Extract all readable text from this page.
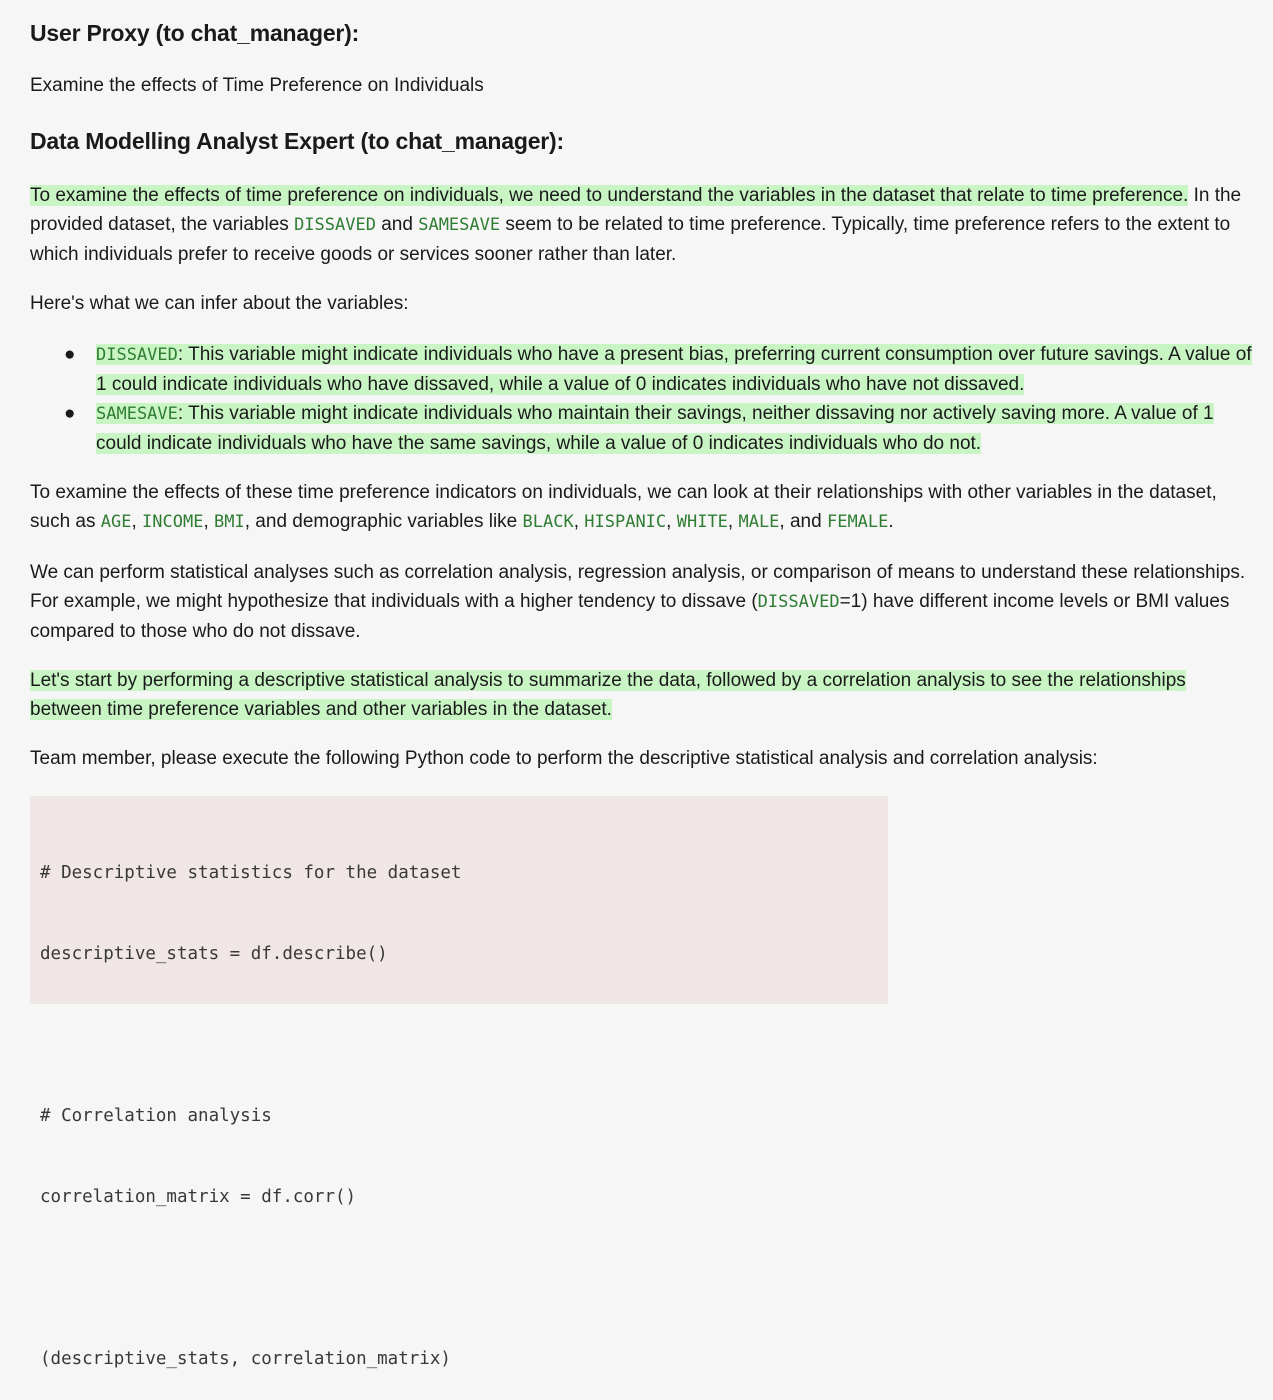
User Proxy (to chat_manager):

Examine the effects of Time Preference on Individuals

Data Modelling Analyst Expert (to chat_manager):

To examine the effects of time preference on individuals, we need to understand the variables in the dataset that relate to time preference. In the provided dataset, the variables DISSAVED and SAMESAVE seem to be related to time preference. Typically, time preference refers to the extent to which individuals prefer to receive goods or services sooner rather than later.

Here's what we can infer about the variables:

● DISSAVED: This variable might indicate individuals who have a present bias, preferring current consumption over future savings. A value of 1 could indicate individuals who have dissaved, while a value of 0 indicates individuals who have not dissaved.
● SAMESAVE: This variable might indicate individuals who maintain their savings, neither dissaving nor actively saving more. A value of 1 could indicate individuals who have the same savings, while a value of 0 indicates individuals who do not.

To examine the effects of these time preference indicators on individuals, we can look at their relationships with other variables in the dataset, such as AGE, INCOME, BMI, and demographic variables like BLACK, HISPANIC, WHITE, MALE, and FEMALE.

We can perform statistical analyses such as correlation analysis, regression analysis, or comparison of means to understand these relationships. For example, we might hypothesize that individuals with a higher tendency to dissave (DISSAVED=1) have different income levels or BMI values compared to those who do not dissave.

Let's start by performing a descriptive statistical analysis to summarize the data, followed by a correlation analysis to see the relationships between time preference variables and other variables in the dataset.

Team member, please execute the following Python code to perform the descriptive statistical analysis and correlation analysis:

# Descriptive statistics for the dataset

descriptive_stats = df.describe()

# Correlation analysis

correlation_matrix = df.corr()

(descriptive_stats, correlation_matrix)
